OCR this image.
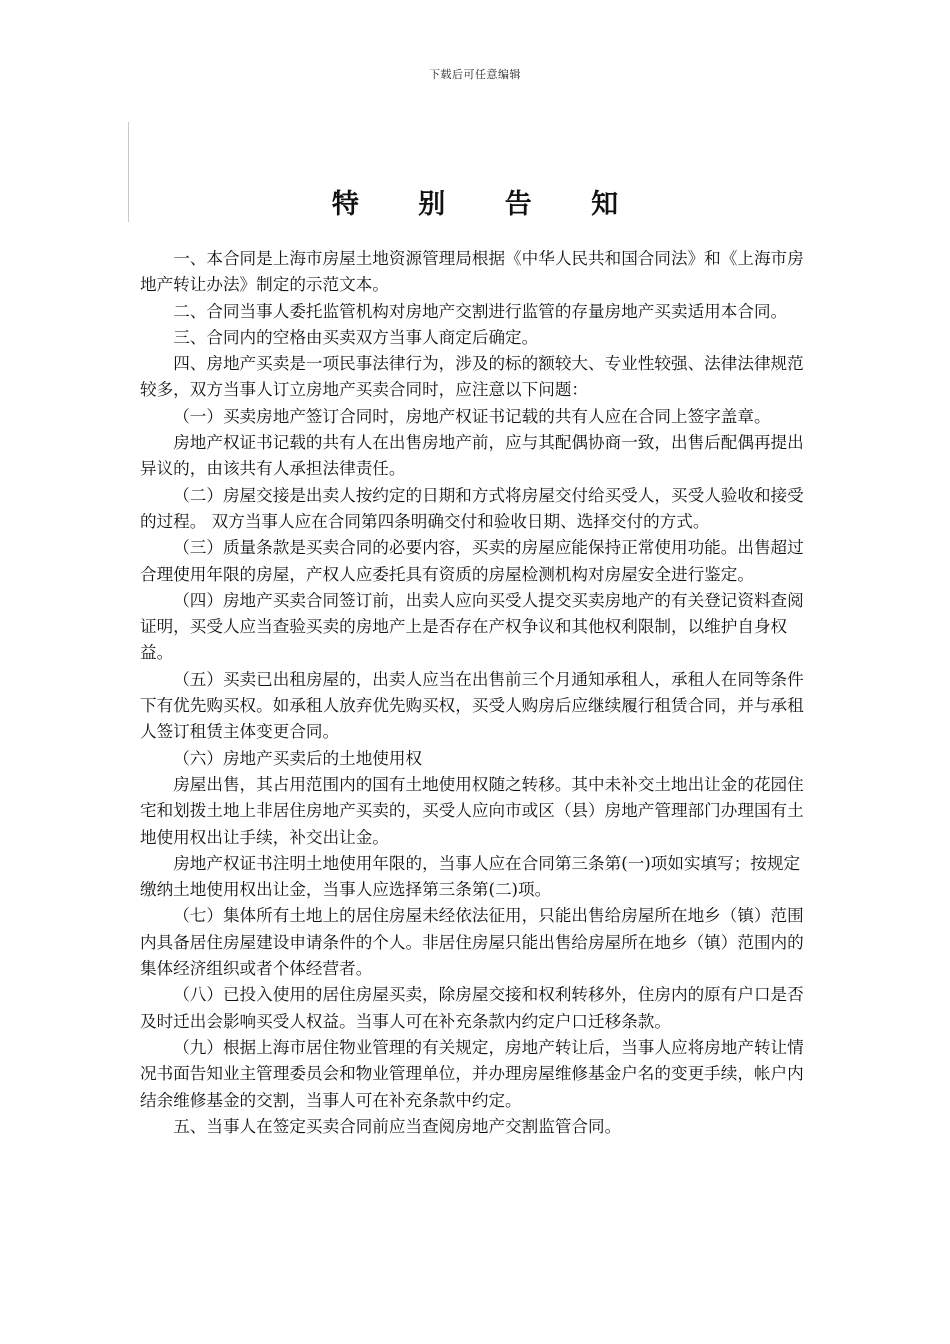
下载后可任意编辑
特 别 告 知

一、本合同是上海市房屋土地资源管理局根据《中华人民共和国合同法》和《上海市房地产转让办法》制定的示范文本。

二、合同当事人委托监管机构对房地产交割进行监管的存量房地产买卖适用本合同。

三、合同内的空格由买卖双方当事人商定后确定。

四、房地产买卖是一项民事法律行为，涉及的标的额较大、专业性较强、法律法律规范较多，双方当事人订立房地产买卖合同时，应注意以下问题：

（一）买卖房地产签订合同时，房地产权证书记载的共有人应在合同上签字盖章。

房地产权证书记载的共有人在出售房地产前，应与其配偶协商一致，出售后配偶再提出异议的，由该共有人承担法律责任。

（二）房屋交接是出卖人按约定的日期和方式将房屋交付给买受人，买受人验收和接受的过程。 双方当事人应在合同第四条明确交付和验收日期、选择交付的方式。

（三）质量条款是买卖合同的必要内容，买卖的房屋应能保持正常使用功能。出售超过合理使用年限的房屋，产权人应委托具有资质的房屋检测机构对房屋安全进行鉴定。

（四）房地产买卖合同签订前，出卖人应向买受人提交买卖房地产的有关登记资料查阅证明，买受人应当查验买卖的房地产上是否存在产权争议和其他权利限制，以维护自身权益。

（五）买卖已出租房屋的，出卖人应当在出售前三个月通知承租人，承租人在同等条件下有优先购买权。如承租人放弃优先购买权，买受人购房后应继续履行租赁合同，并与承租人签订租赁主体变更合同。

（六）房地产买卖后的土地使用权

房屋出售，其占用范围内的国有土地使用权随之转移。其中未补交土地出让金的花园住宅和划拨土地上非居住房地产买卖的，买受人应向市或区（县）房地产管理部门办理国有土地使用权出让手续，补交出让金。

房地产权证书注明土地使用年限的，当事人应在合同第三条第(一)项如实填写；按规定缴纳土地使用权出让金，当事人应选择第三条第(二)项。

（七）集体所有土地上的居住房屋未经依法征用，只能出售给房屋所在地乡（镇）范围内具备居住房屋建设申请条件的个人。非居住房屋只能出售给房屋所在地乡（镇）范围内的集体经济组织或者个体经营者。

（八）已投入使用的居住房屋买卖，除房屋交接和权利转移外，住房内的原有户口是否及时迁出会影响买受人权益。当事人可在补充条款内约定户口迁移条款。

（九）根据上海市居住物业管理的有关规定，房地产转让后，当事人应将房地产转让情况书面告知业主管理委员会和物业管理单位，并办理房屋维修基金户名的变更手续，帐户内结余维修基金的交割，当事人可在补充条款中约定。

五、当事人在签定买卖合同前应当查阅房地产交割监管合同。
